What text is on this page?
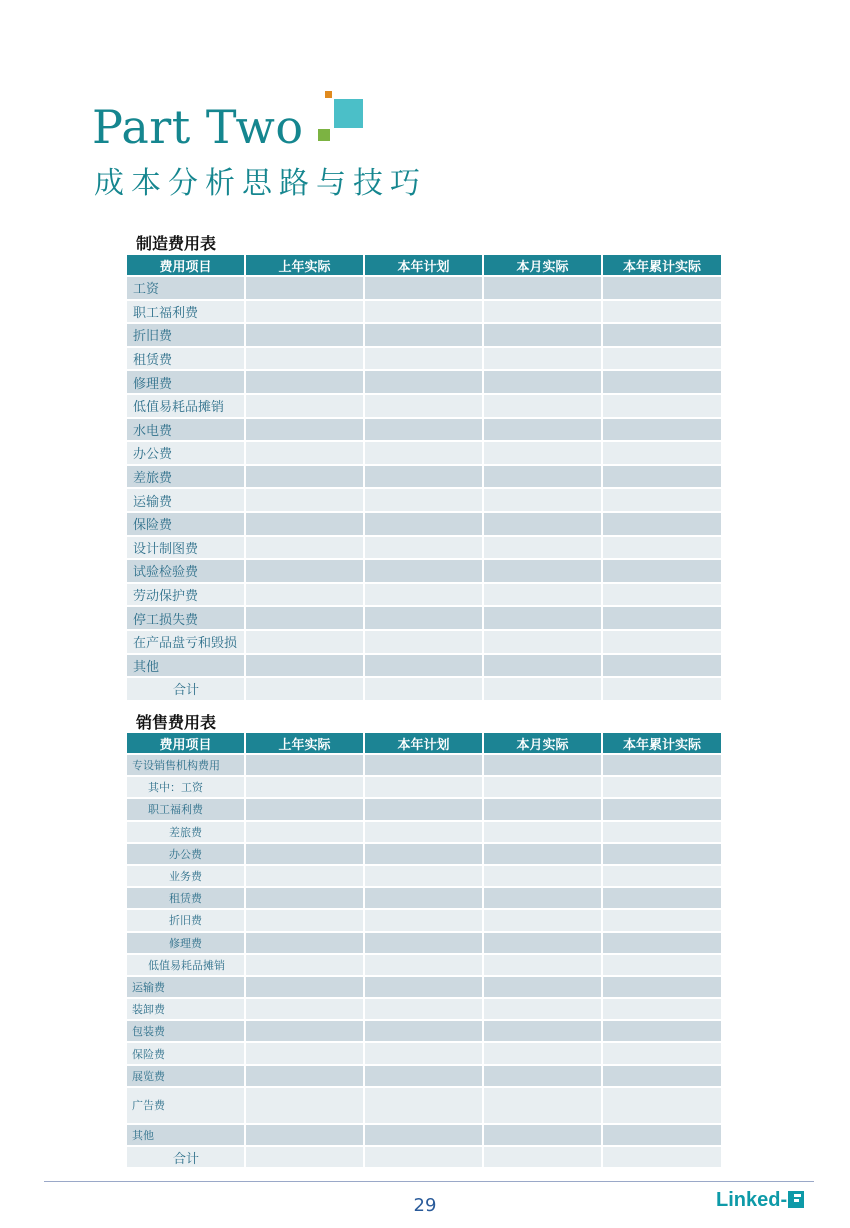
Part Two
成本分析思路与技巧
制造费用表
费用项目	上年实际	本年计划	本月实际	本年累计实际
工资				
职工福利费				
折旧费				
租赁费				
修理费				
低值易耗品摊销				
水电费				
办公费				
差旅费				
运输费				
保险费				
设计制图费				
试验检验费				
劳动保护费				
停工损失费				
在产品盘亏和毁损				
其他				
合计				
销售费用表
费用项目	上年实际	本年计划	本月实际	本年累计实际
专设销售机构费用				
其中：工资				
职工福利费				
差旅费				
办公费				
业务费				
租赁费				
折旧费				
修理费				
低值易耗品摊销				
运输费				
装卸费				
包装费				
保险费				
展览费				
广告费				
其他				
合计				
29	Linked-
